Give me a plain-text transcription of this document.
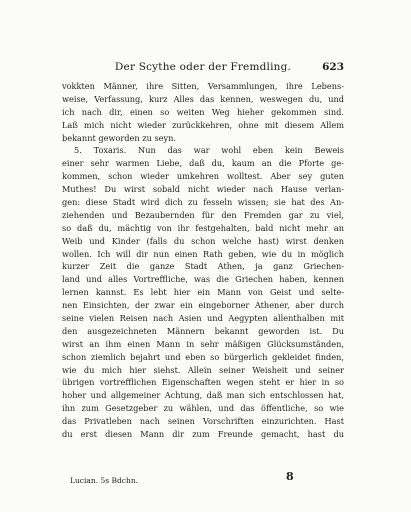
Der Scythe oder der Fremdling.	623
vokkten Männer, ihre Sitten, Versammlungen, ihre Lebens-
weise, Verfassung, kurz Alles das kennen, weswegen du, und
ich nach dir, einen so weiten Weg hieher gekommen sind.
Laß mich nicht wieder zurückkehren, ohne mit diesem Allem
bekannt geworden zu seyn.
5. Toxaris. Nun das war wohl eben kein Beweis
einer sehr warmen Liebe, daß du, kaum an die Pforte ge-
kommen, schon wieder umkehren wolltest. Aber sey guten
Muthes! Du wirst sobald nicht wieder nach Hause verlan-
gen: diese Stadt wird dich zu fesseln wissen; sie hat des An-
ziehenden und Bezaubernden für den Fremden gar zu viel,
so daß du, mächtig von ihr festgehalten, bald nicht mehr an
Weib und Kinder (falls du schon welche hast) wirst denken
wollen. Ich will dir nun einen Rath geben, wie du in möglich
kurzer Zeit die ganze Stadt Athen, ja ganz Griechen-
land und alles Vortreffliche, was die Griechen haben, kennen
lernen kannst. Es lebt hier ein Mann von Geist und selte-
nen Einsichten, der zwar ein eingeborner Athener, aber durch
seine vielen Reisen nach Asien und Aegypten allenthalben mit
den ausgezeichneten Männern bekannt geworden ist. Du
wirst an ihm einen Mann in sehr mäßigen Glücksumständen,
schon ziemlich bejahrt und eben so bürgerlich gekleidet finden,
wie du mich hier siehst. Allein seiner Weisheit und seiner
übrigen vortrefflichen Eigenschaften wegen steht er hier in so
hoher und allgemeiner Achtung, daß man sich entschlossen hat,
ihn zum Gesetzgeber zu wählen, und das öffentliche, so wie
das Privatleben nach seinen Vorschriften einzurichten. Hast
du erst diesen Mann dir zum Freunde gemacht, hast du
Lucian. 5s Bdchn.	8
